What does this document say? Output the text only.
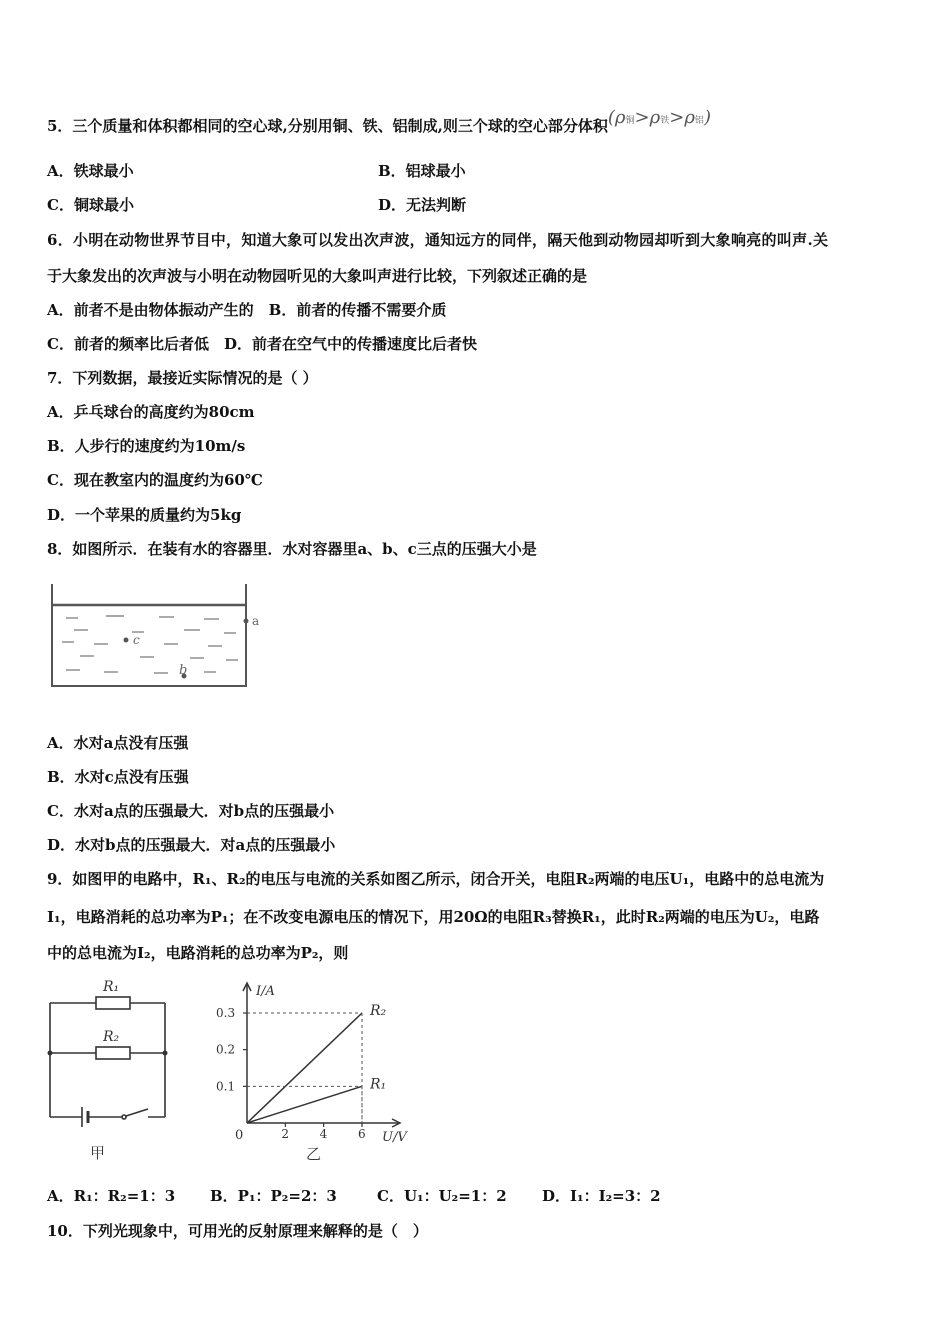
5．三个质量和体积都相同的空心球,分别用铜、铁、铝制成,则三个球的空心部分体积(ρ铜>ρ铁>ρ铝)
A．铁球最小	B．铝球最小
C．铜球最小	D．无法判断
6．小明在动物世界节目中，知道大象可以发出次声波，通知远方的同伴，隔天他到动物园却听到大象响亮的叫声.关
于大象发出的次声波与小明在动物园听见的大象叫声进行比较，下列叙述正确的是
A．前者不是由物体振动产生的　B．前者的传播不需要介质
C．前者的频率比后者低　D．前者在空气中的传播速度比后者快
7．下列数据，最接近实际情况的是（ ）
A．乒乓球台的高度约为80cm
B．人步行的速度约为10m/s
C．现在教室内的温度约为60℃
D．一个苹果的质量约为5kg
8．如图所示．在装有水的容器里．水对容器里a、b、c三点的压强大小是
a
c
b
A．水对a点没有压强
B．水对c点没有压强
C．水对a点的压强最大．对b点的压强最小
D．水对b点的压强最大．对a点的压强最小
9．如图甲的电路中，R₁、R₂的电压与电流的关系如图乙所示，闭合开关，电阻R₂两端的电压U₁，电路中的总电流为
I₁，电路消耗的总功率为P₁；在不改变电源电压的情况下，用20Ω的电阻R₃替换R₁，此时R₂两端的电压为U₂，电路
中的总电流为I₂，电路消耗的总功率为P₂，则
R₁
R₂
甲
0.1
0.2
0.3
2	4	6
R₂
R₁
I/A
U/V
0
乙
A．R₁：R₂=1：3 B．P₁：P₂=2：3	C．U₁：U₂=1：2 D．I₁：I₂=3：2
10．下列光现象中，可用光的反射原理来解释的是（　）
